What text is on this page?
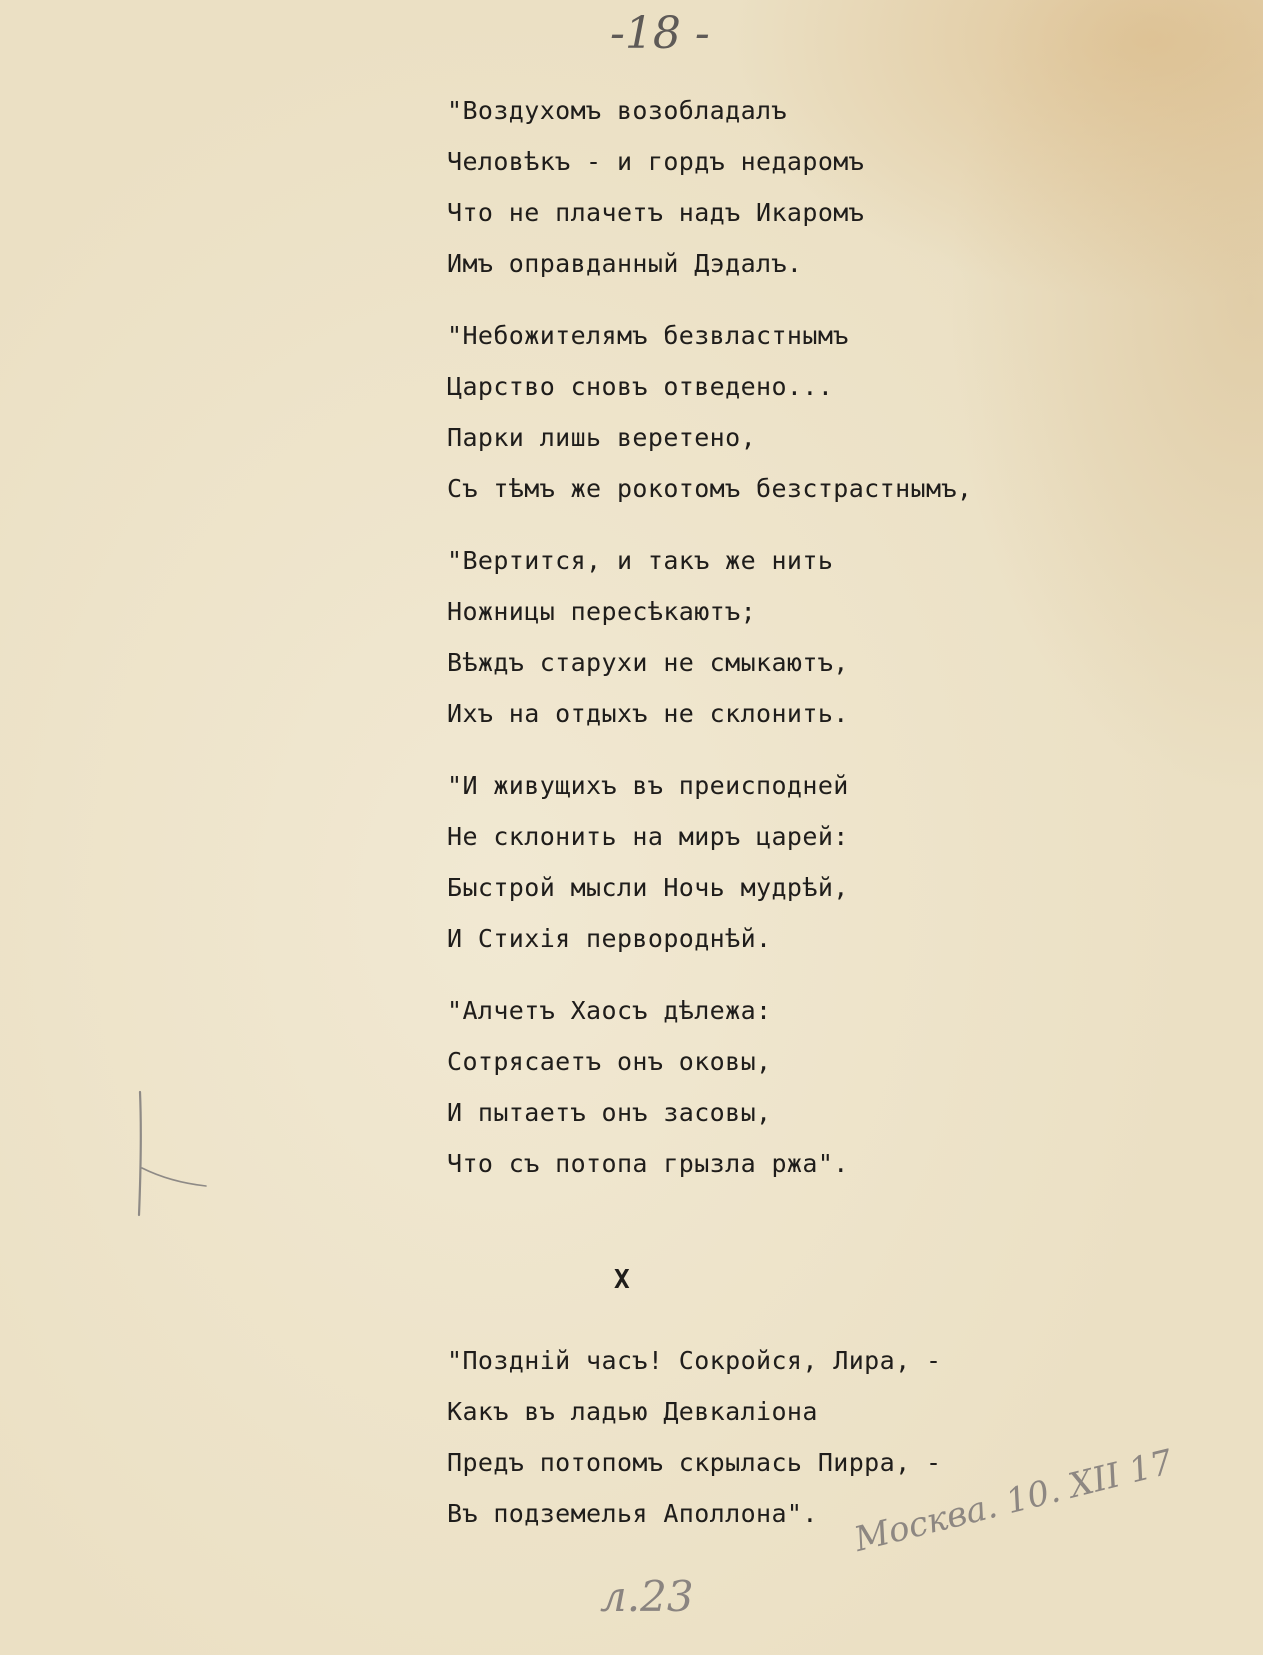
-18 -
"Воздухомъ возобладалъ
Человѣкъ - и гордъ недаромъ
Что не плачетъ надъ Икаромъ
Имъ оправданный Дэдалъ.
"Небожителямъ безвластнымъ
Царство сновъ отведено...
Парки лишь веретено,
Съ тѣмъ же рокотомъ безстрастнымъ,
"Вертится, и такъ же нить
Ножницы пересѣкаютъ;
Вѣждъ старухи не смыкаютъ,
Ихъ на отдыхъ не склонить.
"И живущихъ въ преисподней
Не склонить на миръ царей:
Быстрой мысли Ночь мудрѣй,
И Стихія первороднѣй.
"Алчетъ Хаосъ дѣлежа:
Сотрясаетъ онъ оковы,
И пытаетъ онъ засовы,
Что съ потопа грызла ржа".
X
"Поздній часъ! Сокройся, Лира, -
Какъ въ ладью Девкаліона
Предъ потопомъ скрылась Пирра, -
Въ подземелья Аполлона".
л.23
Москва. 10. XII 17
